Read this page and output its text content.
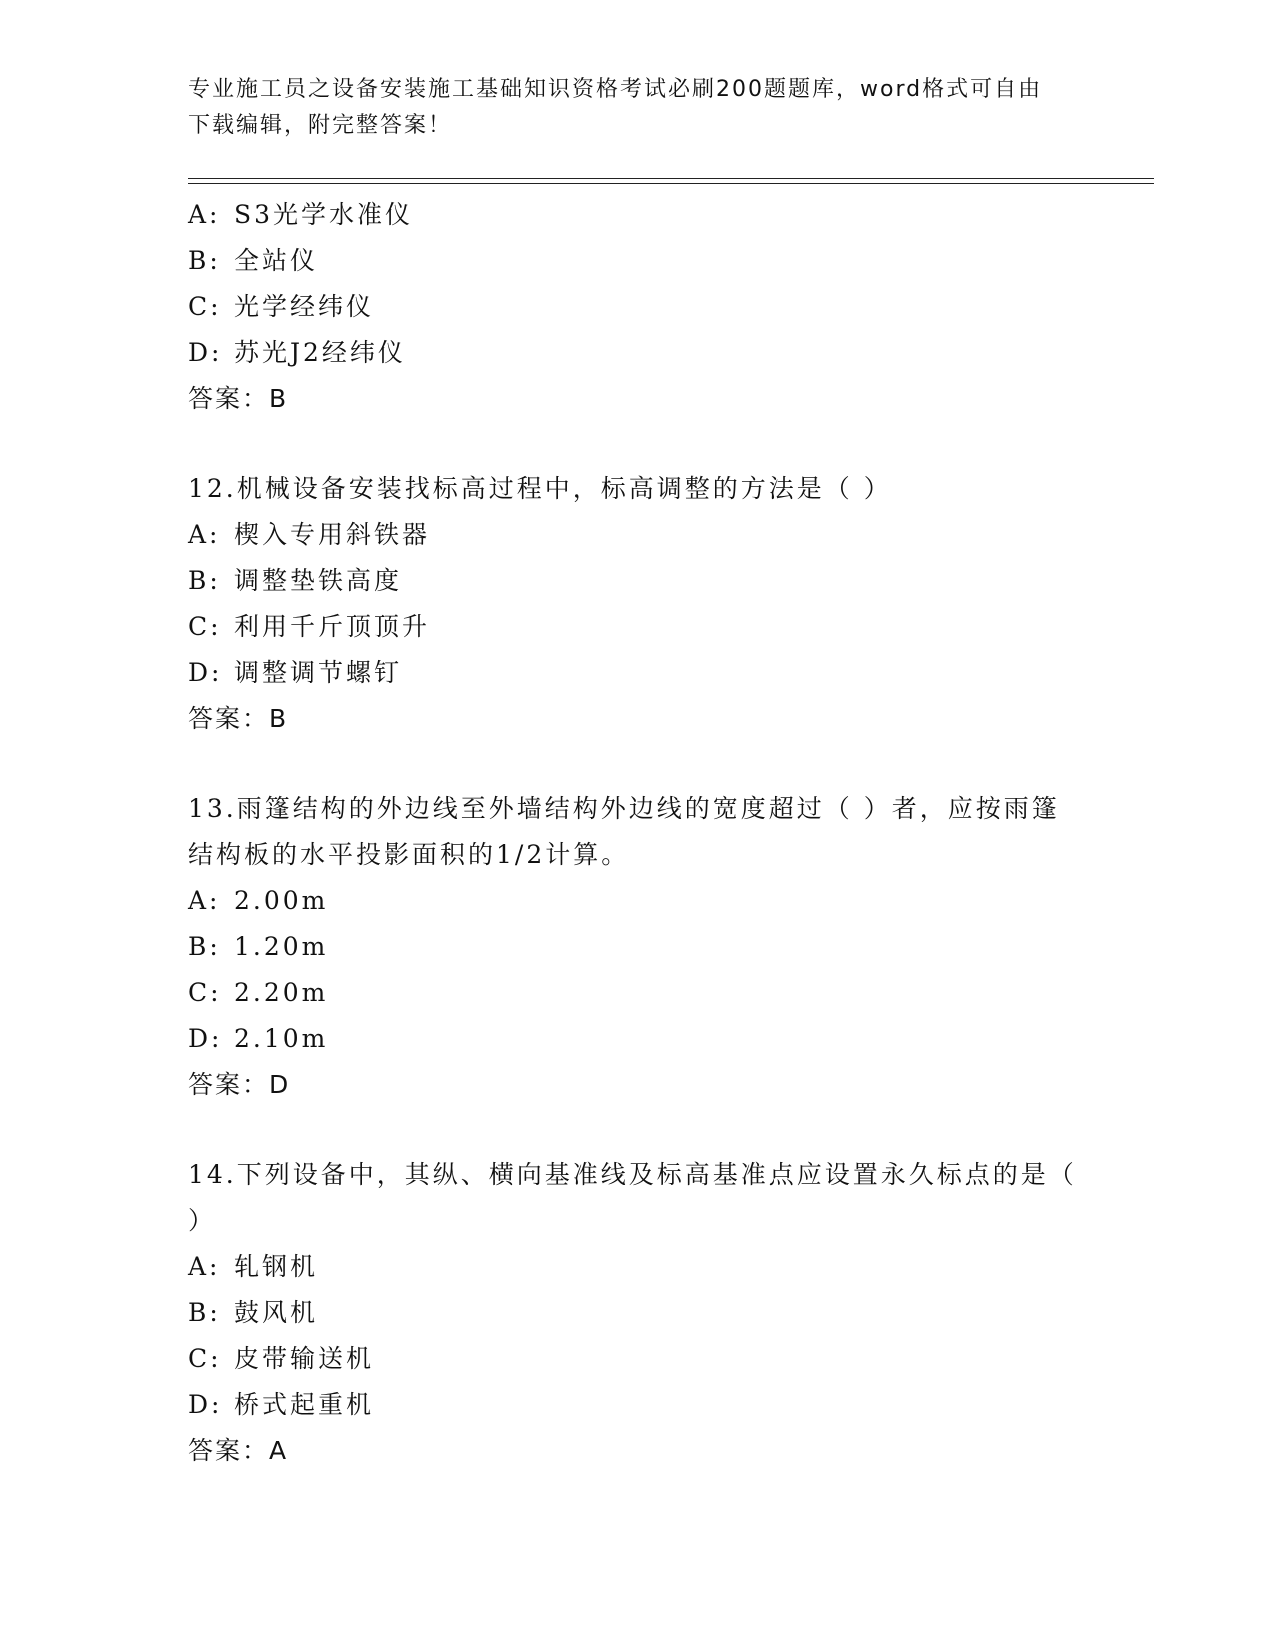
专业施工员之设备安装施工基础知识资格考试必刷200题题库，word格式可自由
下载编辑，附完整答案！
A: S3光学水准仪
B: 全站仪
C: 光学经纬仪
D: 苏光J2经纬仪
答案：B
12.机械设备安装找标高过程中，标高调整的方法是（ ）
A: 楔入专用斜铁器
B: 调整垫铁高度
C: 利用千斤顶顶升
D: 调整调节螺钉
答案：B
13.雨篷结构的外边线至外墙结构外边线的宽度超过（ ）者，应按雨篷结构板的水平投影面积的1/2计算。
A: 2.00m
B: 1.20m
C: 2.20m
D: 2.10m
答案：D
14.下列设备中，其纵、横向基准线及标高基准点应设置永久标点的是（ ）
A: 轧钢机
B: 鼓风机
C: 皮带输送机
D: 桥式起重机
答案：A
